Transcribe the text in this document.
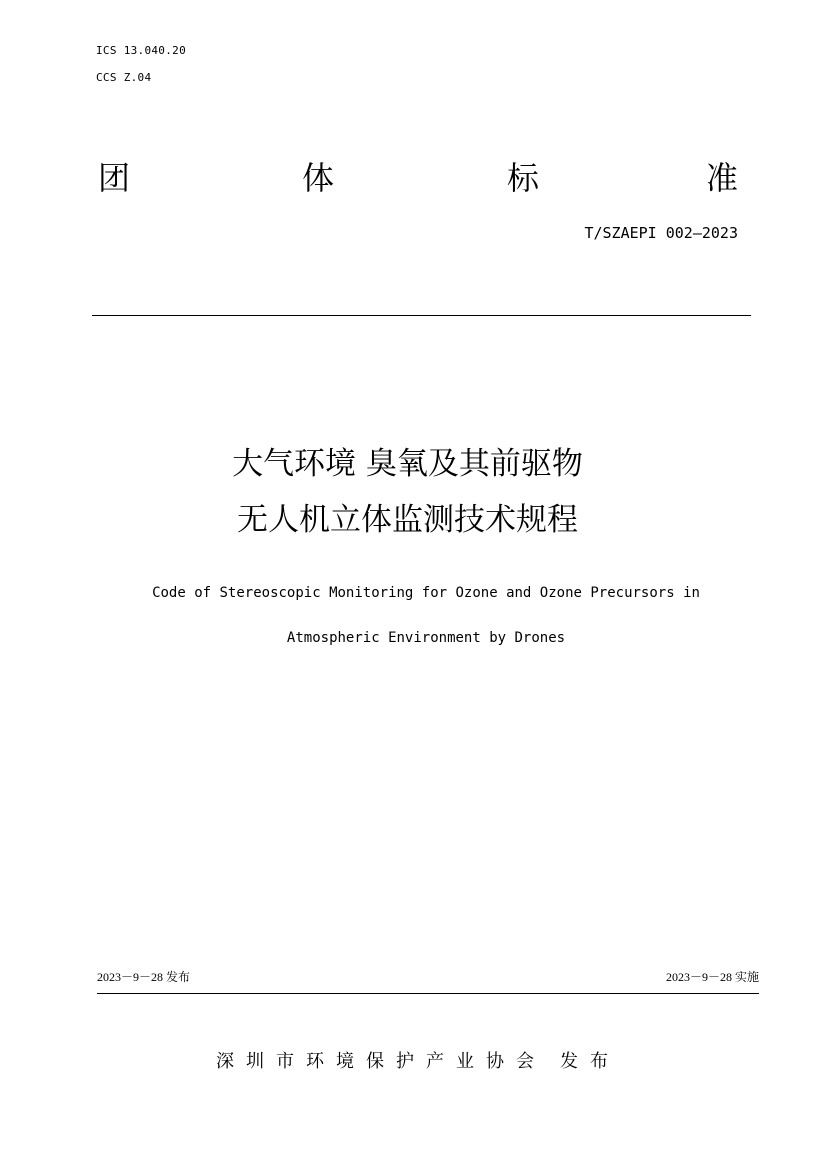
ICS 13.040.20
CCS Z.04
团	体	标	准
T/SZAEPI 002—2023
大气环境 臭氧及其前驱物
无人机立体监测技术规程
Code of Stereoscopic Monitoring for Ozone and Ozone Precursors in
Atmospheric Environment by Drones
2023－9－28 发布	2023－9－28 实施
深圳市环境保护产业协会 发布
